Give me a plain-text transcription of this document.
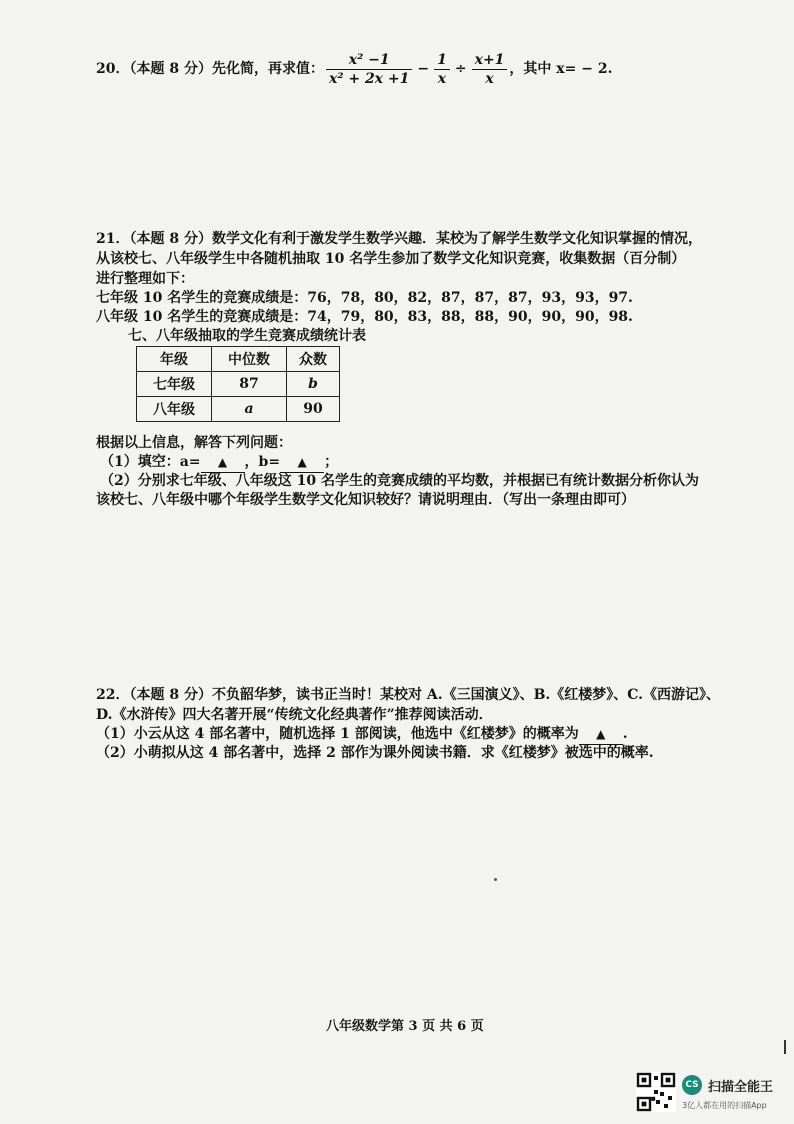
20．（本题 8 分）先化简，再求值： $\frac{\text{x² −1}}{\text{x² + 2x +1}} - \frac{1}{x} \div \frac{x+1}{x}$ ，其中 x= − 2.
21．（本题 8 分）数学文化有利于激发学生数学兴趣．某校为了解学生数学文化知识掌握的情况，
从该校七、八年级学生中各随机抽取 10 名学生参加了数学文化知识竞赛，收集数据（百分制）
进行整理如下：
七年级 10 名学生的竞赛成绩是：76，78，80，82，87，87，87，93，93，97.
八年级 10 名学生的竞赛成绩是：74，79，80，83，88，88，90，90，90，98.
七、八年级抽取的学生竞赛成绩统计表
年级	中位数	众数
七年级	87	b
八年级	a	90
根据以上信息，解答下列问题：
（1）填空：a= ▲ ，b= ▲ ；
（2）分别求七年级、八年级这 10 名学生的竞赛成绩的平均数，并根据已有统计数据分析你认为
该校七、八年级中哪个年级学生数学文化知识较好？请说明理由．（写出一条理由即可）
22．（本题 8 分）不负韶华梦，读书正当时！某校对 A.《三国演义》、B.《红楼梦》、C.《西游记》、
D.《水浒传》四大名著开展“传统文化经典著作”推荐阅读活动．
（1）小云从这 4 部名著中，随机选择 1 部阅读，他选中《红楼梦》的概率为 ▲ .
（2）小萌拟从这 4 部名著中，选择 2 部作为课外阅读书籍．求《红楼梦》被选中的概率.
八年级数学第 3 页 共 6 页
CS 扫描全能王
3亿人都在用的扫描App
